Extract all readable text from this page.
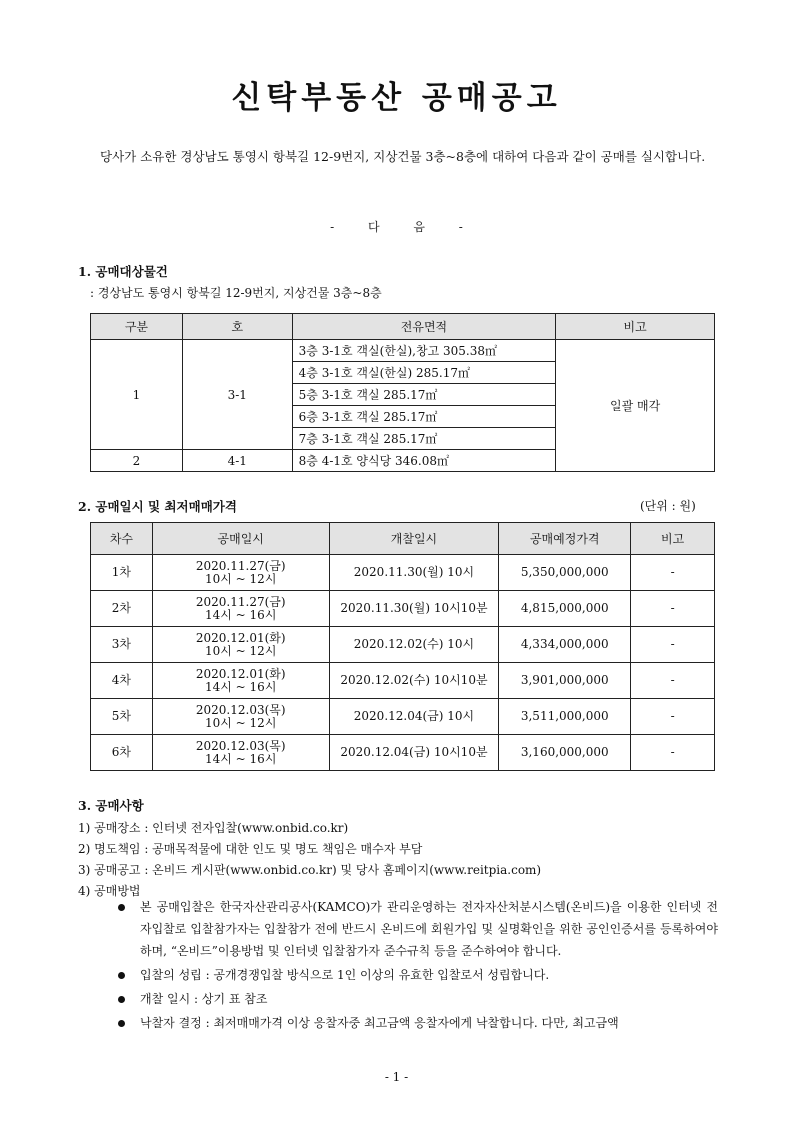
신탁부동산 공매공고
당사가 소유한 경상남도 통영시 항북길 12-9번지, 지상건물 3층~8층에 대하여 다음과 같이 공매를 실시합니다.
- 다 음 -
1. 공매대상물건
: 경상남도 통영시 항북길 12-9번지, 지상건물 3층~8층
구분	호	전유면적	비고
1	3-1	3층 3-1호 객실(한실),창고 305.38㎡	일괄 매각
		4층 3-1호 객실(한실) 285.17㎡	
		5층 3-1호 객실 285.17㎡	
		6층 3-1호 객실 285.17㎡	
		7층 3-1호 객실 285.17㎡	
2	4-1	8층 4-1호 양식당 346.08㎡	
2. 공매일시 및 최저매매가격	(단위 : 원)
차수	공매일시	개찰일시	공매예정가격	비고
1차	2020.11.27(금)
10시 ~ 12시	2020.11.30(월) 10시	5,350,000,000	-
2차	2020.11.27(금)
14시 ~ 16시	2020.11.30(월) 10시10분	4,815,000,000	-
3차	2020.12.01(화)
10시 ~ 12시	2020.12.02(수) 10시	4,334,000,000	-
4차	2020.12.01(화)
14시 ~ 16시	2020.12.02(수) 10시10분	3,901,000,000	-
5차	2020.12.03(목)
10시 ~ 12시	2020.12.04(금) 10시	3,511,000,000	-
6차	2020.12.03(목)
14시 ~ 16시	2020.12.04(금) 10시10분	3,160,000,000	-
3. 공매사항
1) 공매장소 : 인터넷 전자입찰(www.onbid.co.kr)
2) 명도책임 : 공매목적물에 대한 인도 및 명도 책임은 매수자 부담
3) 공매공고 : 온비드 게시판(www.onbid.co.kr) 및 당사 홈페이지(www.reitpia.com)
4) 공매방법
본 공매입찰은 한국자산관리공사(KAMCO)가 관리운영하는 전자자산처분시스템(온비드)을 이용한 인터넷 전자입찰로 입찰참가자는 입찰참가 전에 반드시 온비드에 회원가입 및 실명확인을 위한 공인인증서를 등록하여야 하며, “온비드”이용방법 및 인터넷 입찰참가자 준수규칙 등을 준수하여야 합니다.
입찰의 성립 : 공개경쟁입찰 방식으로 1인 이상의 유효한 입찰로서 성립합니다.
개찰 일시 : 상기 표 참조
낙찰자 결정 : 최저매매가격 이상 응찰자중 최고금액 응찰자에게 낙찰합니다. 다만, 최고금액
- 1 -
